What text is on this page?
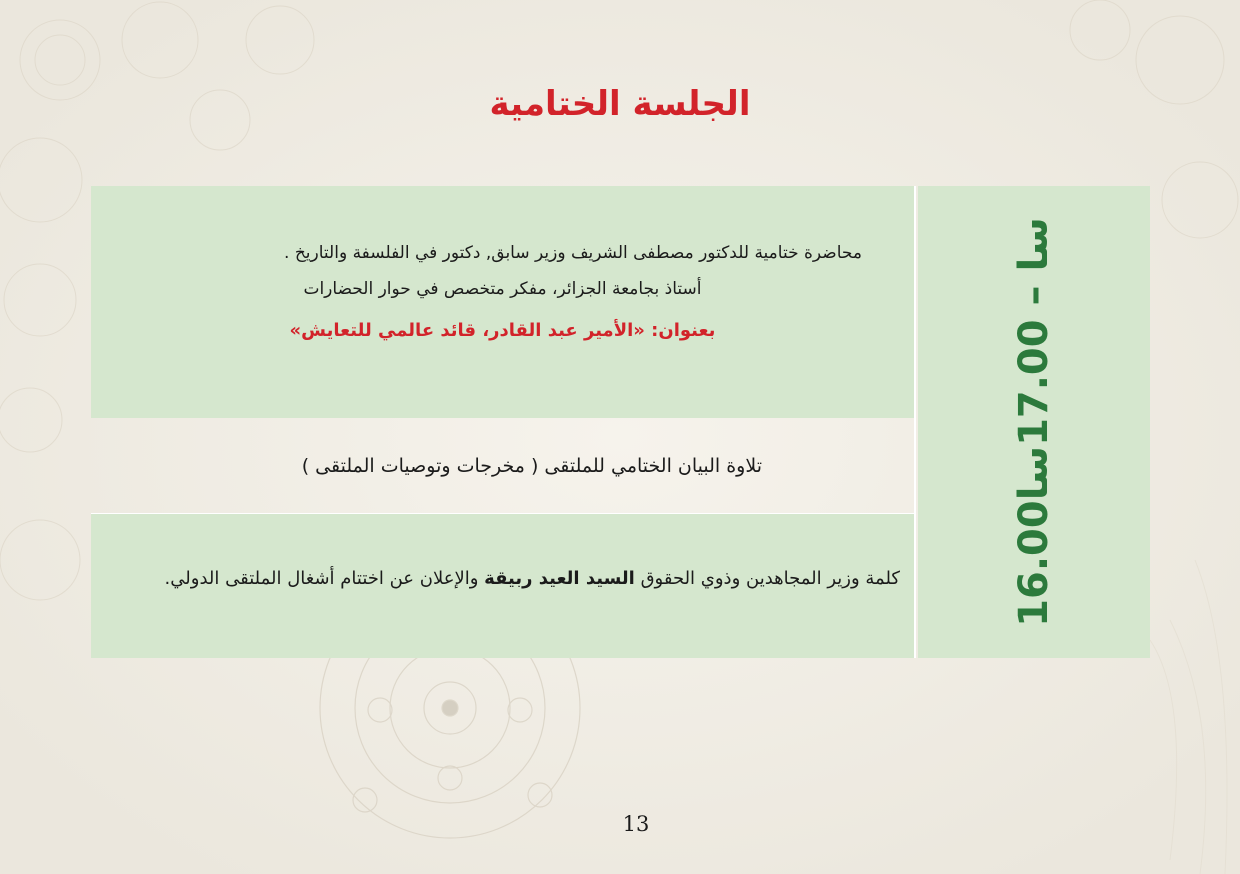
الجلسة الختامية
16.00سا – 17.00سا
محاضرة ختامية للدكتور مصطفى الشريف وزير سابق, دكتور في الفلسفة والتاريخ .
أستاذ بجامعة الجزائر، مفكر متخصص في حوار الحضارات
بعنوان: «الأمير عبد القادر، قائد عالمي للتعايش»
تلاوة البيان الختامي للملتقى ( مخرجات وتوصيات الملتقى )
كلمة وزير المجاهدين وذوي الحقوق السيد العيد ربيقة والإعلان عن اختتام أشغال الملتقى الدولي.
13
